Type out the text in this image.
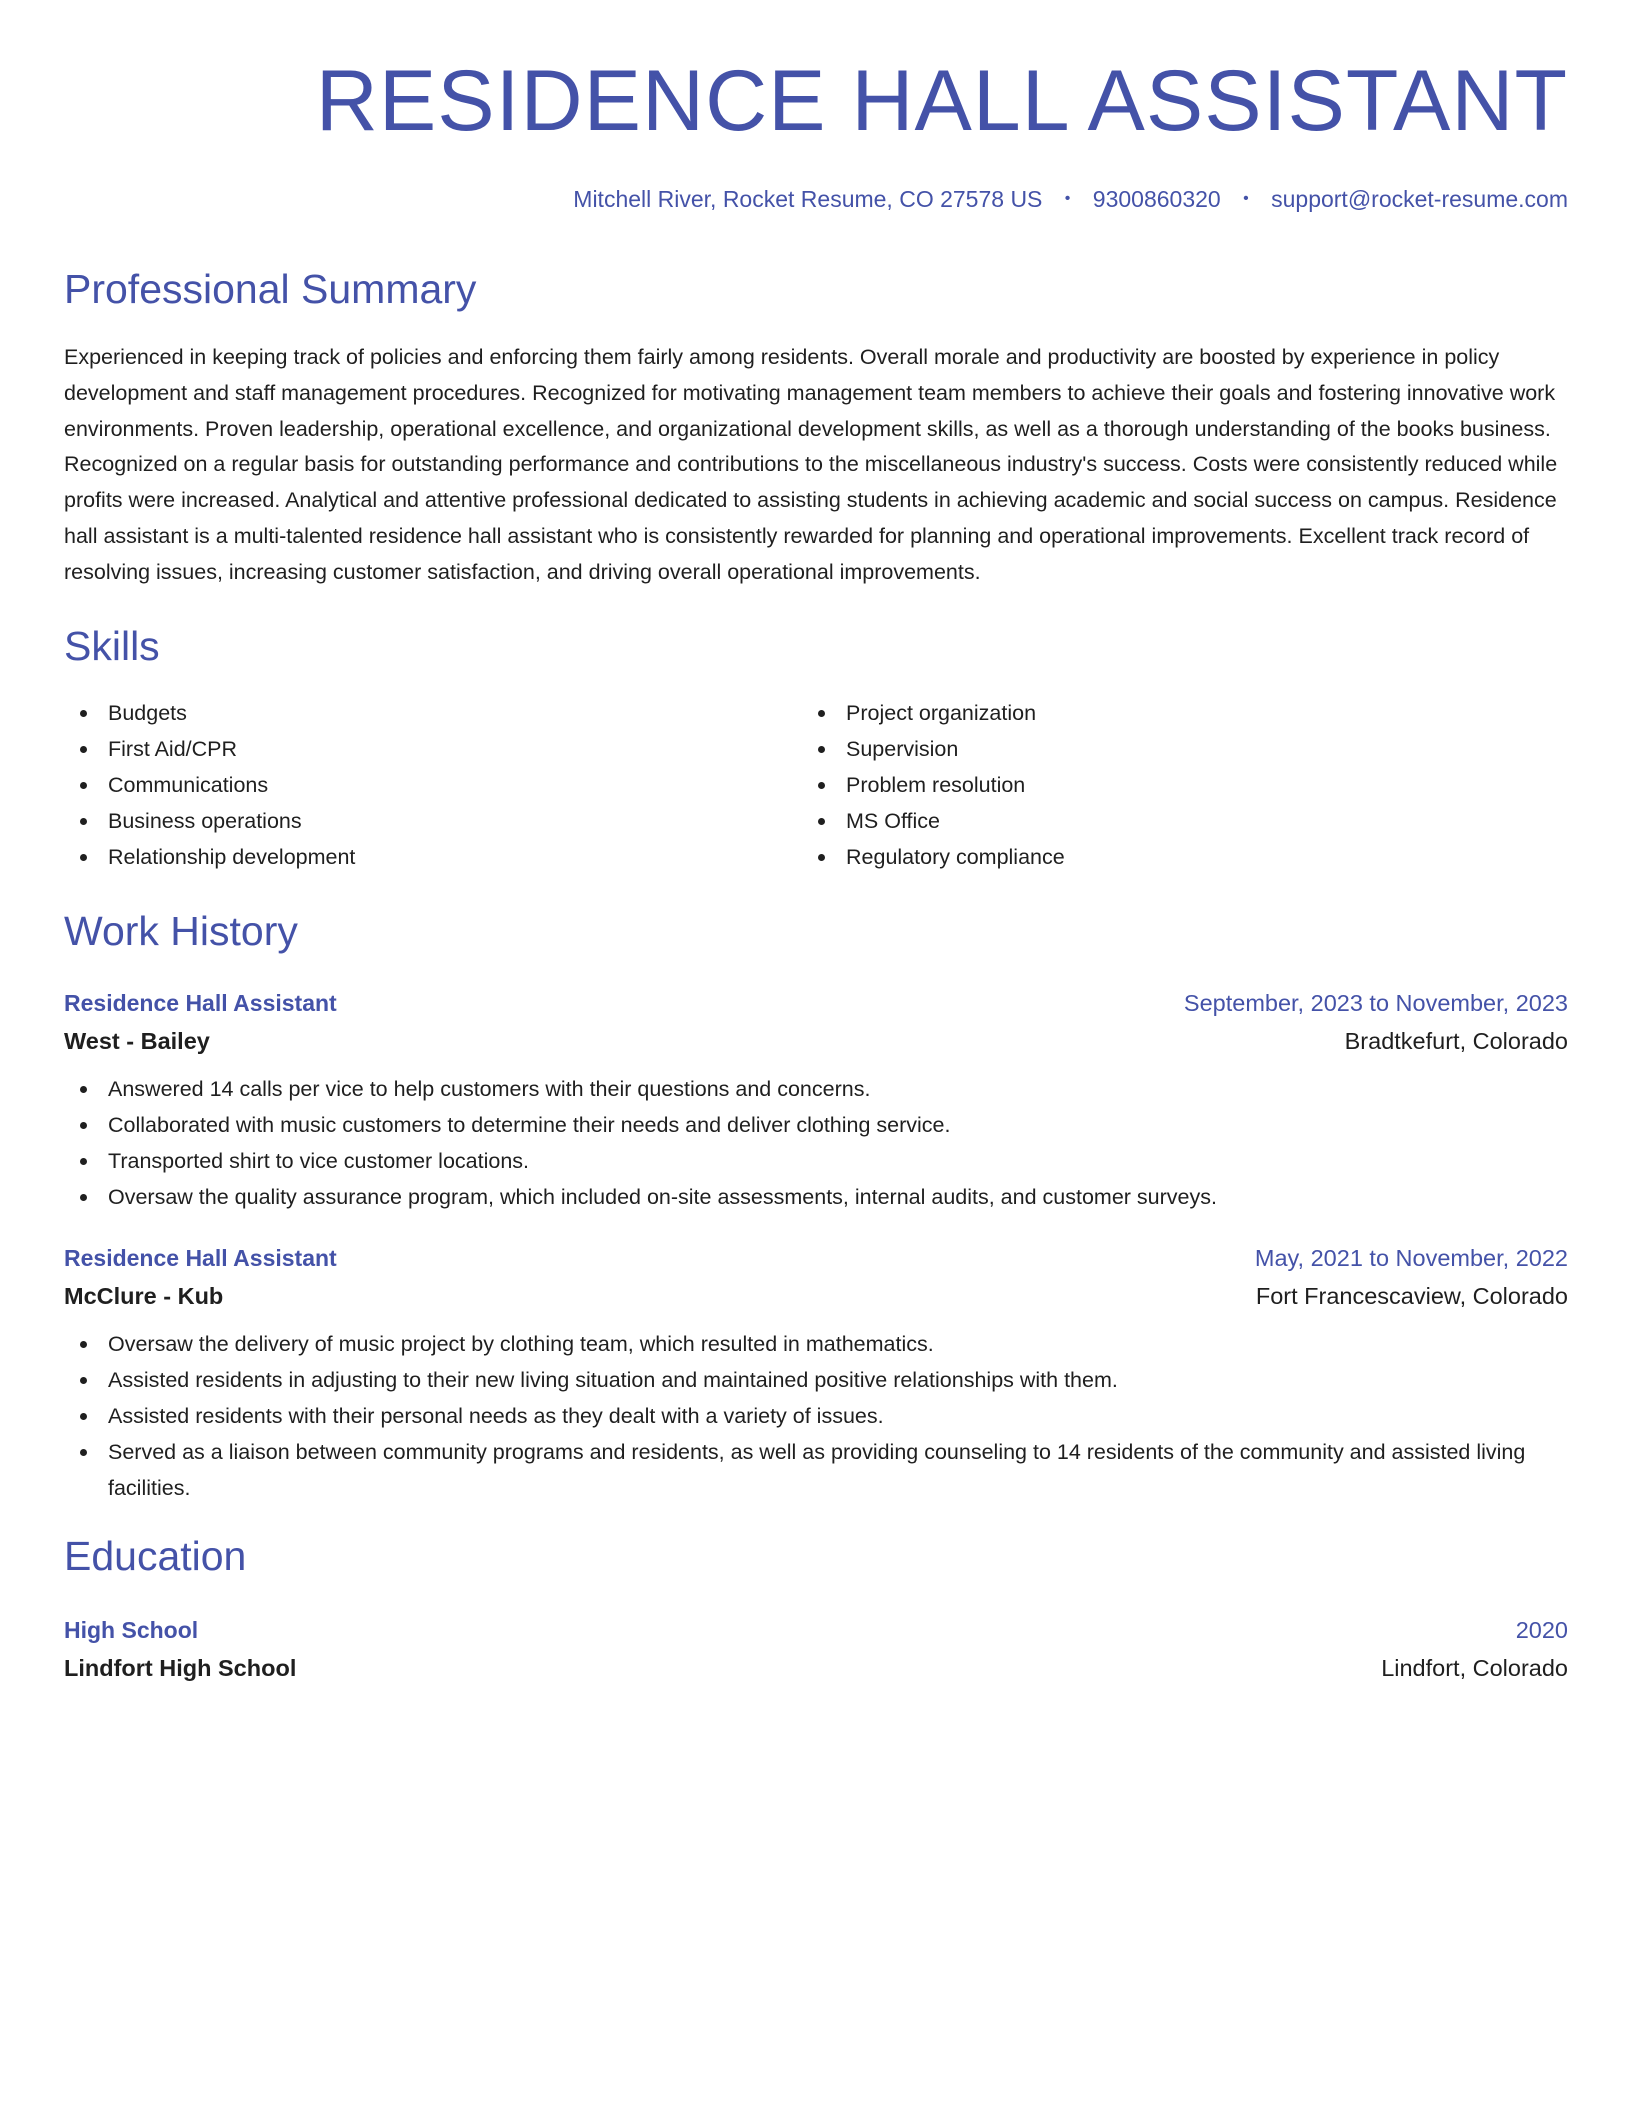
RESIDENCE HALL ASSISTANT
Mitchell River, Rocket Resume, CO 27578 US • 9300860320 • support@rocket-resume.com
Professional Summary

Experienced in keeping track of policies and enforcing them fairly among residents. Overall morale and productivity are boosted by experience in policy development and staff management procedures. Recognized for motivating management team members to achieve their goals and fostering innovative work environments. Proven leadership, operational excellence, and organizational development skills, as well as a thorough understanding of the books business. Recognized on a regular basis for outstanding performance and contributions to the miscellaneous industry's success. Costs were consistently reduced while profits were increased. Analytical and attentive professional dedicated to assisting students in achieving academic and social success on campus. Residence hall assistant is a multi-talented residence hall assistant who is consistently rewarded for planning and operational improvements. Excellent track record of resolving issues, increasing customer satisfaction, and driving overall operational improvements.

Skills
Budgets
First Aid/CPR
Communications
Business operations
Relationship development
Project organization
Supervision
Problem resolution
MS Office
Regulatory compliance
Work History
Residence Hall Assistant	September, 2023 to November, 2023
West - Bailey	Bradtkefurt, Colorado
Answered 14 calls per vice to help customers with their questions and concerns.
Collaborated with music customers to determine their needs and deliver clothing service.
Transported shirt to vice customer locations.
Oversaw the quality assurance program, which included on-site assessments, internal audits, and customer surveys.
Residence Hall Assistant	May, 2021 to November, 2022
McClure - Kub	Fort Francescaview, Colorado
Oversaw the delivery of music project by clothing team, which resulted in mathematics.
Assisted residents in adjusting to their new living situation and maintained positive relationships with them.
Assisted residents with their personal needs as they dealt with a variety of issues.
Served as a liaison between community programs and residents, as well as providing counseling to 14 residents of the community and assisted living facilities.
Education
High School	2020
Lindfort High School	Lindfort, Colorado
